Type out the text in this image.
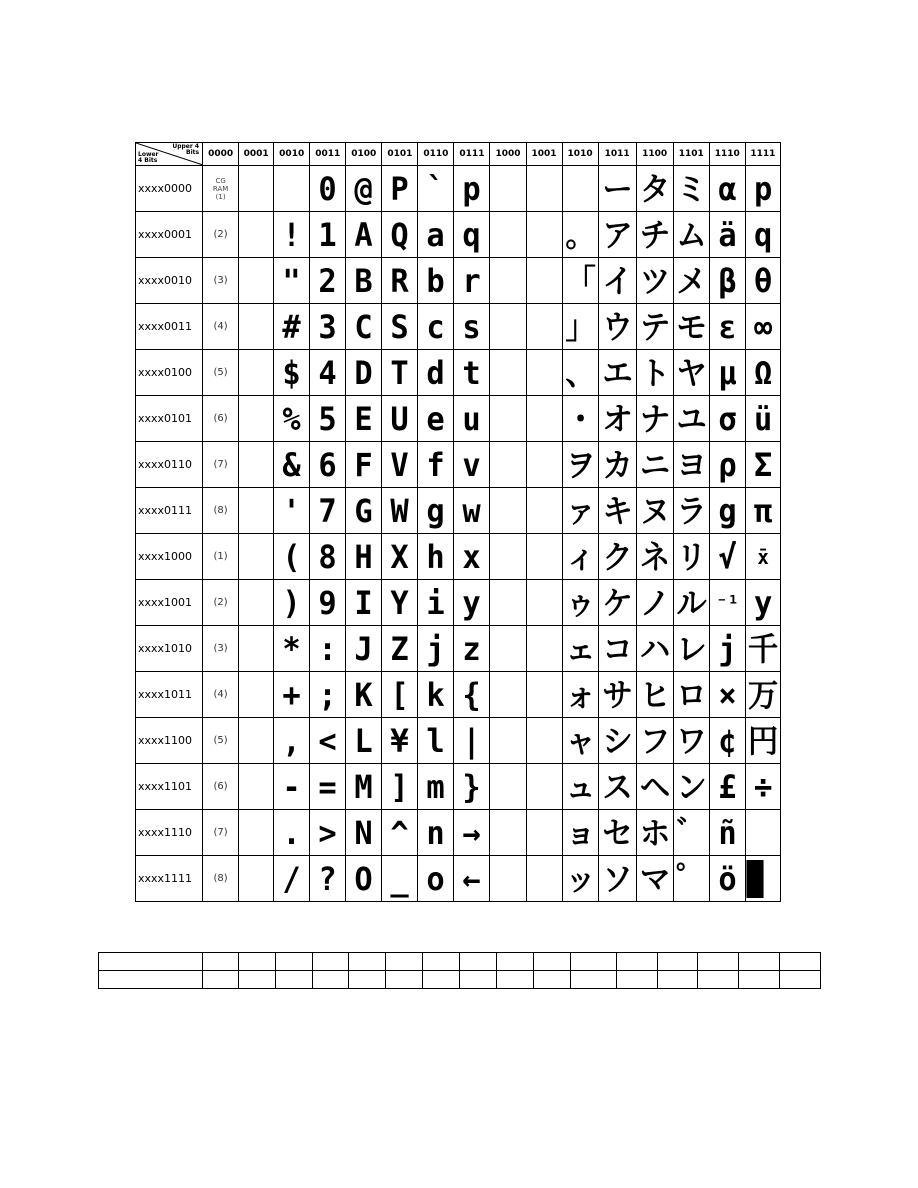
Upper 4
Bits
Lower
4 Bits	0000	0001	0010	0011	0100	0101	0110	0111	1000	1001	1010	1011	1100	1101	1110	1111
xxxx0000	CG
RAM
(1)			0	@	P	`	p				ー	タ	ミ	α	p

xxxx0001	(2)		!	1	A	Q	a	q			。	ア	チ	ム	ä	q

xxxx0010	(3)		"	2	B	R	b	r			「	イ	ツ	メ	β	θ

xxxx0011	(4)		#	3	C	S	c	s			」	ウ	テ	モ	ε	∞

xxxx0100	(5)		$	4	D	T	d	t			、	エ	ト	ヤ	μ	Ω

xxxx0101	(6)		%	5	E	U	e	u			・	オ	ナ	ユ	σ	ü

xxxx0110	(7)		&	6	F	V	f	v			ヲ	カ	ニ	ヨ	ρ	Σ

xxxx0111	(8)		'	7	G	W	g	w			ァ	キ	ヌ	ラ	g	π

xxxx1000	(1)		(	8	H	X	h	x			ィ	ク	ネ	リ	√	x̄

xxxx1001	(2)		)	9	I	Y	i	y			ゥ	ケ	ノ	ル	⁻¹	y

xxxx1010	(3)		*	:	J	Z	j	z			ェ	コ	ハ	レ	j	千

xxxx1011	(4)		+	;	K	[	k	{			ォ	サ	ヒ	ロ	×	万

xxxx1100	(5)		,	<	L	¥	l	|			ャ	シ	フ	ワ	¢	円

xxxx1101	(6)		-	=	M	]	m	}			ュ	ス	ヘ	ン	£	÷

xxxx1110	(7)		.	>	N	^	n	→			ョ	セ	ホ	゛	ñ	

xxxx1111	(8)		/	?	O	_	o	←			ッ	ソ	マ	゜	ö	
